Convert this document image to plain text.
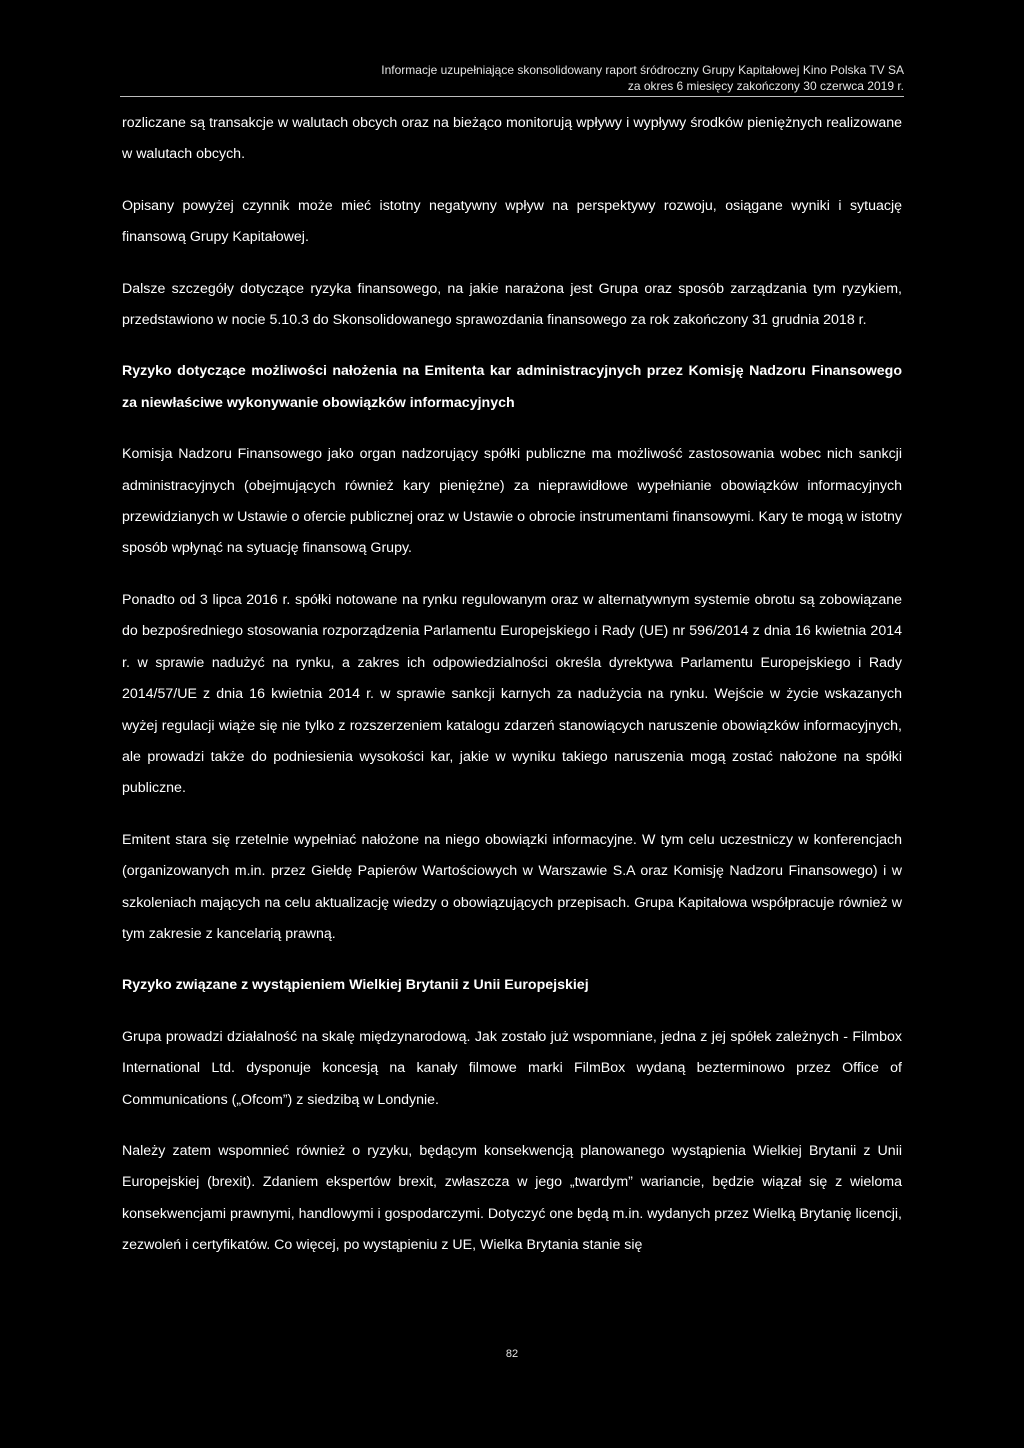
Informacje uzupełniające skonsolidowany raport śródroczny Grupy Kapitałowej Kino Polska TV SA
za okres 6 miesięcy zakończony 30 czerwca 2019 r.

rozliczane są transakcje w walutach obcych oraz na bieżąco monitorują wpływy i wypływy środków pieniężnych realizowane w walutach obcych.

Opisany powyżej czynnik może mieć istotny negatywny wpływ na perspektywy rozwoju, osiągane wyniki i sytuację finansową Grupy Kapitałowej.

Dalsze szczegóły dotyczące ryzyka finansowego, na jakie narażona jest Grupa oraz sposób zarządzania tym ryzykiem, przedstawiono w nocie 5.10.3 do Skonsolidowanego sprawozdania finansowego za rok zakończony 31 grudnia 2018 r.

Ryzyko dotyczące możliwości nałożenia na Emitenta kar administracyjnych przez Komisję Nadzoru Finansowego za niewłaściwe wykonywanie obowiązków informacyjnych

Komisja Nadzoru Finansowego jako organ nadzorujący spółki publiczne ma możliwość zastosowania wobec nich sankcji administracyjnych (obejmujących również kary pieniężne) za nieprawidłowe wypełnianie obowiązków informacyjnych przewidzianych w Ustawie o ofercie publicznej oraz w Ustawie o obrocie instrumentami finansowymi. Kary te mogą w istotny sposób wpłynąć na sytuację finansową Grupy.

Ponadto od 3 lipca 2016 r. spółki notowane na rynku regulowanym oraz w alternatywnym systemie obrotu są zobowiązane do bezpośredniego stosowania rozporządzenia Parlamentu Europejskiego i Rady (UE) nr 596/2014 z dnia 16 kwietnia 2014 r. w sprawie nadużyć na rynku, a zakres ich odpowiedzialności określa dyrektywa Parlamentu Europejskiego i Rady 2014/57/UE z dnia 16 kwietnia 2014 r. w sprawie sankcji karnych za nadużycia na rynku. Wejście w życie wskazanych wyżej regulacji wiąże się nie tylko z rozszerzeniem katalogu zdarzeń stanowiących naruszenie obowiązków informacyjnych, ale prowadzi także do podniesienia wysokości kar, jakie w wyniku takiego naruszenia mogą zostać nałożone na spółki publiczne.

Emitent stara się rzetelnie wypełniać nałożone na niego obowiązki informacyjne. W tym celu uczestniczy w konferencjach (organizowanych m.in. przez Giełdę Papierów Wartościowych w Warszawie S.A oraz Komisję Nadzoru Finansowego) i w szkoleniach mających na celu aktualizację wiedzy o obowiązujących przepisach. Grupa Kapitałowa współpracuje również w tym zakresie z kancelarią prawną.

Ryzyko związane z wystąpieniem Wielkiej Brytanii z Unii Europejskiej

Grupa prowadzi działalność na skalę międzynarodową. Jak zostało już wspomniane, jedna z jej spółek zależnych - Filmbox International Ltd. dysponuje koncesją na kanały filmowe marki FilmBox wydaną bezterminowo przez Office of Communications („Ofcom”) z siedzibą w Londynie.

Należy zatem wspomnieć również o ryzyku, będącym konsekwencją planowanego wystąpienia Wielkiej Brytanii z Unii Europejskiej (brexit). Zdaniem ekspertów brexit, zwłaszcza w jego „twardym” wariancie, będzie wiązał się z wieloma konsekwencjami prawnymi, handlowymi i gospodarczymi. Dotyczyć one będą m.in. wydanych przez Wielką Brytanię licencji, zezwoleń i certyfikatów. Co więcej, po wystąpieniu z UE, Wielka Brytania stanie się

82
